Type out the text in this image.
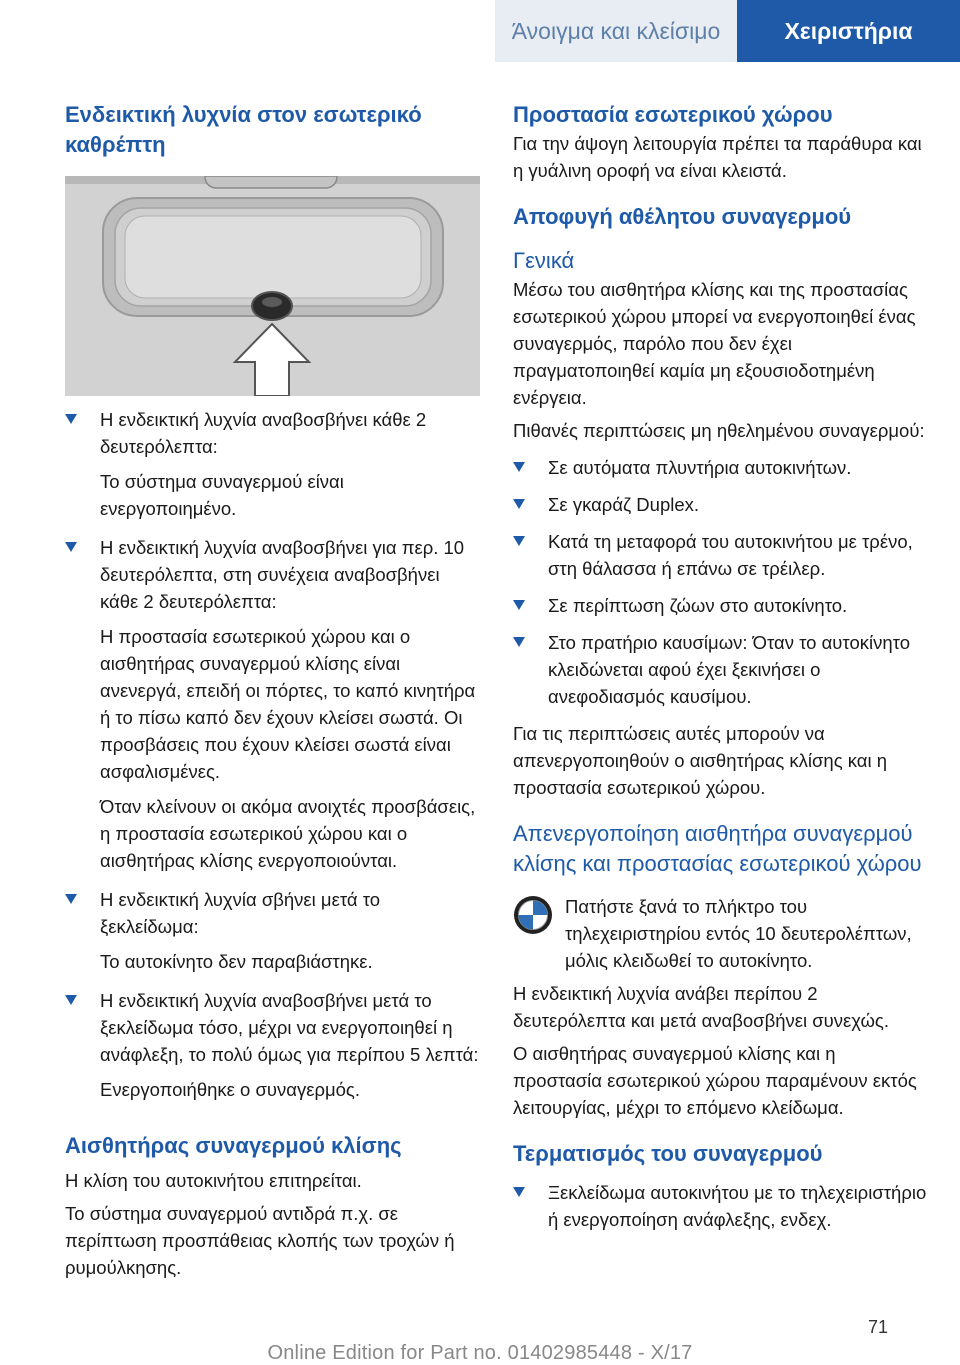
Άνοιγμα και κλείσιμο	Χειριστήρια
Ενδεικτική λυχνία στον εσωτερικό καθρέπτη

Η ενδεικτική λυχνία αναβοσβήνει κάθε 2 δευτερόλεπτα:

Το σύστημα συναγερμού είναι ενεργοποιημένο.

Η ενδεικτική λυχνία αναβοσβήνει για περ. 10 δευτερόλεπτα, στη συνέχεια αναβοσβήνει κάθε 2 δευτερόλεπτα:

Η προστασία εσωτερικού χώρου και ο αισθητήρας συναγερμού κλίσης είναι ανενεργά, επειδή οι πόρτες, το καπό κινητήρα ή το πίσω καπό δεν έχουν κλείσει σωστά. Οι προσβάσεις που έχουν κλείσει σωστά είναι ασφαλισμένες.

Όταν κλείνουν οι ακόμα ανοιχτές προσβάσεις, η προστασία εσωτερικού χώρου και ο αισθητήρας κλίσης ενεργοποιούνται.

Η ενδεικτική λυχνία σβήνει μετά το ξεκλείδωμα:

Το αυτοκίνητο δεν παραβιάστηκε.

Η ενδεικτική λυχνία αναβοσβήνει μετά το ξεκλείδωμα τόσο, μέχρι να ενεργοποιηθεί η ανάφλεξη, το πολύ όμως για περίπου 5 λεπτά:

Ενεργοποιήθηκε ο συναγερμός.

Αισθητήρας συναγερμού κλίσης

Η κλίση του αυτοκινήτου επιτηρείται.

Το σύστημα συναγερμού αντιδρά π.χ. σε περίπτωση προσπάθειας κλοπής των τροχών ή ρυμούλκησης.

Προστασία εσωτερικού χώρου

Για την άψογη λειτουργία πρέπει τα παράθυρα και η γυάλινη οροφή να είναι κλειστά.

Αποφυγή αθέλητου συναγερμού
Γενικά

Μέσω του αισθητήρα κλίσης και της προστασίας εσωτερικού χώρου μπορεί να ενεργοποιηθεί ένας συναγερμός, παρόλο που δεν έχει πραγματοποιηθεί καμία μη εξουσιοδοτημένη ενέργεια.

Πιθανές περιπτώσεις μη ηθελημένου συναγερμού:

Σε αυτόματα πλυντήρια αυτοκινήτων.

Σε γκαράζ Duplex.

Κατά τη μεταφορά του αυτοκινήτου με τρένο, στη θάλασσα ή επάνω σε τρέιλερ.

Σε περίπτωση ζώων στο αυτοκίνητο.

Στο πρατήριο καυσίμων: Όταν το αυτοκίνητο κλειδώνεται αφού έχει ξεκινήσει ο ανεφοδιασμός καυσίμου.

Για τις περιπτώσεις αυτές μπορούν να απενεργοποιηθούν ο αισθητήρας κλίσης και η προστασία εσωτερικού χώρου.

Απενεργοποίηση αισθητήρα συναγερμού κλίσης και προστασίας εσωτερικού χώρου

Πατήστε ξανά το πλήκτρο του τηλεχειριστηρίου εντός 10 δευτερολέπτων, μόλις κλειδωθεί το αυτοκίνητο.

Η ενδεικτική λυχνία ανάβει περίπου 2 δευτερόλεπτα και μετά αναβοσβήνει συνεχώς.

Ο αισθητήρας συναγερμού κλίσης και η προστασία εσωτερικού χώρου παραμένουν εκτός λειτουργίας, μέχρι το επόμενο κλείδωμα.

Τερματισμός του συναγερμού

Ξεκλείδωμα αυτοκινήτου με το τηλεχειριστήριο ή ενεργοποίηση ανάφλεξης, ενδεχ.

71
Online Edition for Part no. 01402985448 - X/17
